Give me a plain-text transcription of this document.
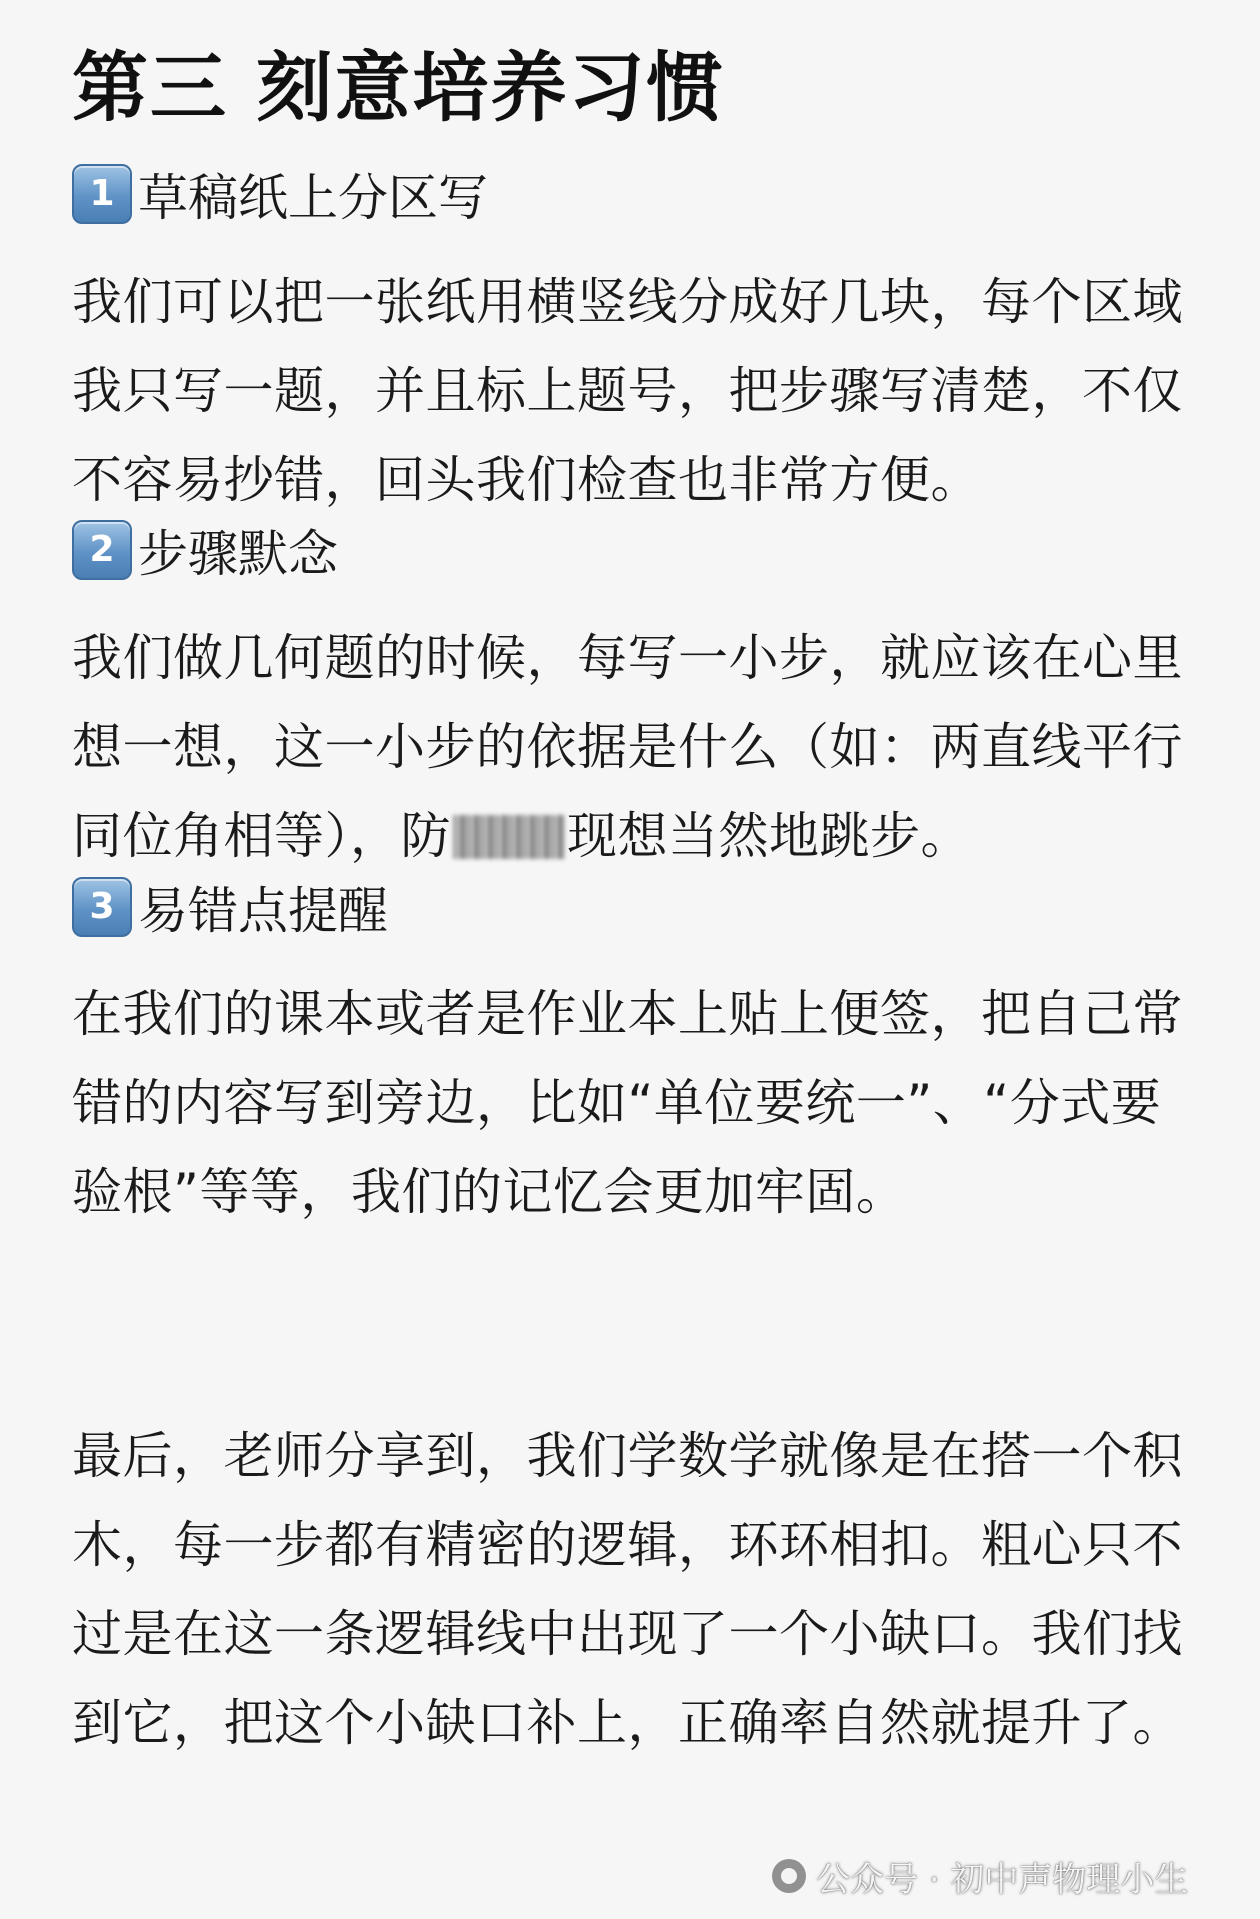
第三 刻意培养习惯
1 草稿纸上分区写

我们可以把一张纸用横竖线分成好几块，每个区域我只写一题，并且标上题号，把步骤写清楚，不仅不容易抄错，回头我们检查也非常方便。

2 步骤默念

我们做几何题的时候，每写一小步，就应该在心里想一想，这一小步的依据是什么（如：两直线平行同位角相等），防 现想当然地跳步。

3 易错点提醒

在我们的课本或者是作业本上贴上便签，把自己常错的内容写到旁边，比如“单位要统一”、“分式要验根”等等，我们的记忆会更加牢固。

最后，老师分享到，我们学数学就像是在搭一个积木，每一步都有精密的逻辑，环环相扣。粗心只不过是在这一条逻辑线中出现了一个小缺口。我们找到它，把这个小缺口补上，正确率自然就提升了。

公众号 · 初中声物理小生
